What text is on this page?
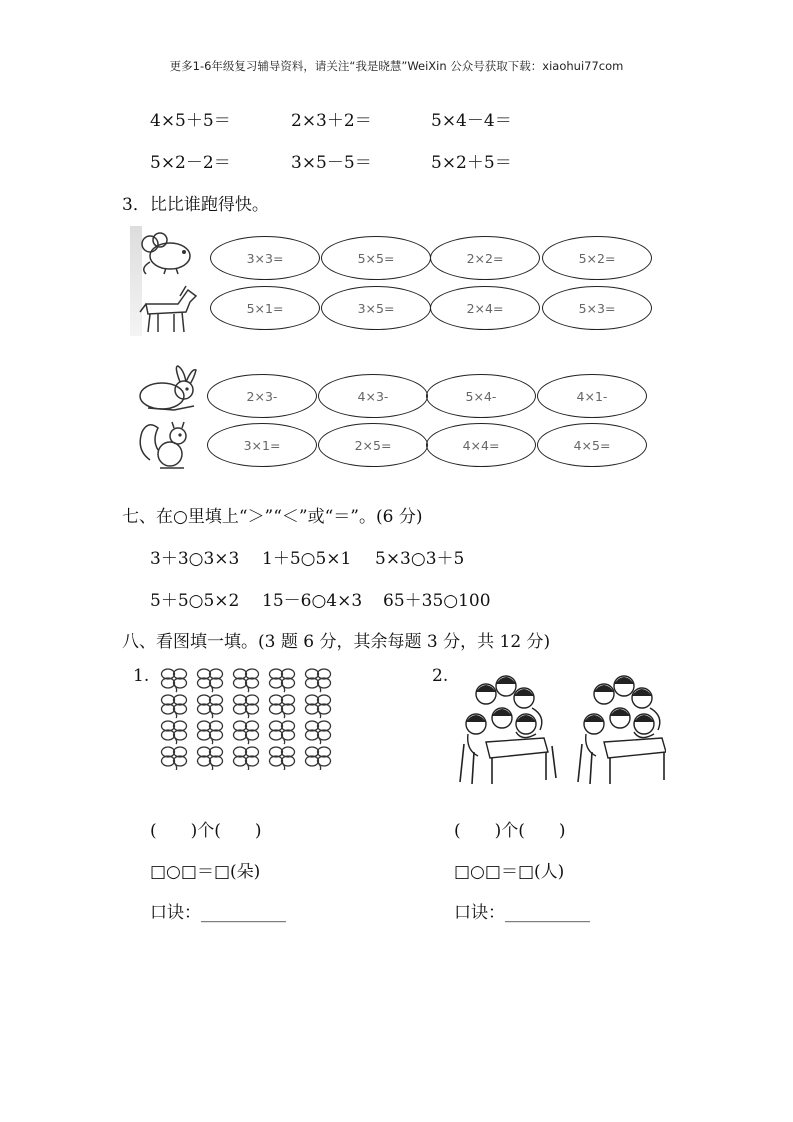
更多1-6年级复习辅导资料，请关注“我是晓慧”WeiXin 公众号获取下载：xiaohui77com
4×5＋5＝	2×3＋2＝	5×4－4＝
5×2－2＝	3×5－5＝	5×2＋5＝
3．比比谁跑得快。
3×3=	5×5=	2×2=	5×2=
5×1=	3×5=	2×4=	5×3=
2×3-	4×3-	5×4-	4×1-
3×1=	2×5=	4×4=	4×5=
七、在○里填上“＞”“＜”或“＝”。(6 分)
3＋3○3×3 1＋5○5×1 5×3○3＋5
5＋5○5×2 15－6○4×3 65＋35○100
八、看图填一填。(3 题 6 分，其余每题 3 分，共 12 分)
1.	2.
(　　)个(　　)
□○□＝□(朵)
口诀：__________
(　　)个(　　)
□○□＝□(人)
口诀：__________
